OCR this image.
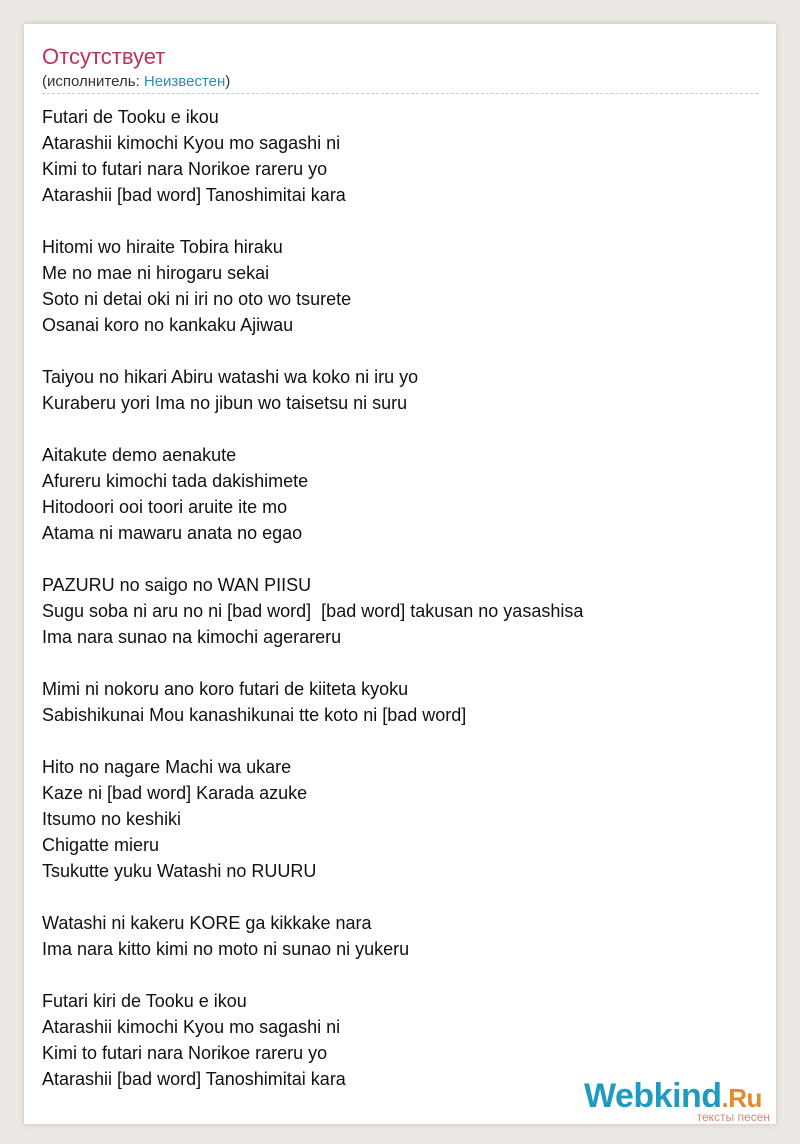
Отсутствует
(исполнитель: Неизвестен)
Futari de Tooku e ikou
Atarashii kimochi Kyou mo sagashi ni
Kimi to futari nara Norikoe rareru yo
Atarashii [bad word] Tanoshimitai kara
Hitomi wo hiraite Tobira hiraku
Me no mae ni hirogaru sekai
Soto ni detai oki ni iri no oto wo tsurete
Osanai koro no kankaku Ajiwau
Taiyou no hikari Abiru watashi wa koko ni iru yo
Kuraberu yori Ima no jibun wo taisetsu ni suru
Aitakute demo aenakute
Afureru kimochi tada dakishimete
Hitodoori ooi toori aruite ite mo
Atama ni mawaru anata no egao
PAZURU no saigo no WAN PIISU
Sugu soba ni aru no ni [bad word]  [bad word] takusan no yasashisa
Ima nara sunao na kimochi agerareru
Mimi ni nokoru ano koro futari de kiiteta kyoku
Sabishikunai Mou kanashikunai tte koto ni [bad word]
Hito no nagare Machi wa ukare
Kaze ni [bad word] Karada azuke
Itsumo no keshiki
Chigatte mieru
Tsukutte yuku Watashi no RUURU
Watashi ni kakeru KORE ga kikkake nara
Ima nara kitto kimi no moto ni sunao ni yukeru
Futari kiri de Tooku e ikou
Atarashii kimochi Kyou mo sagashi ni
Kimi to futari nara Norikoe rareru yo
Atarashii [bad word] Tanoshimitai kara	Webkind.Ru
тексты песен
